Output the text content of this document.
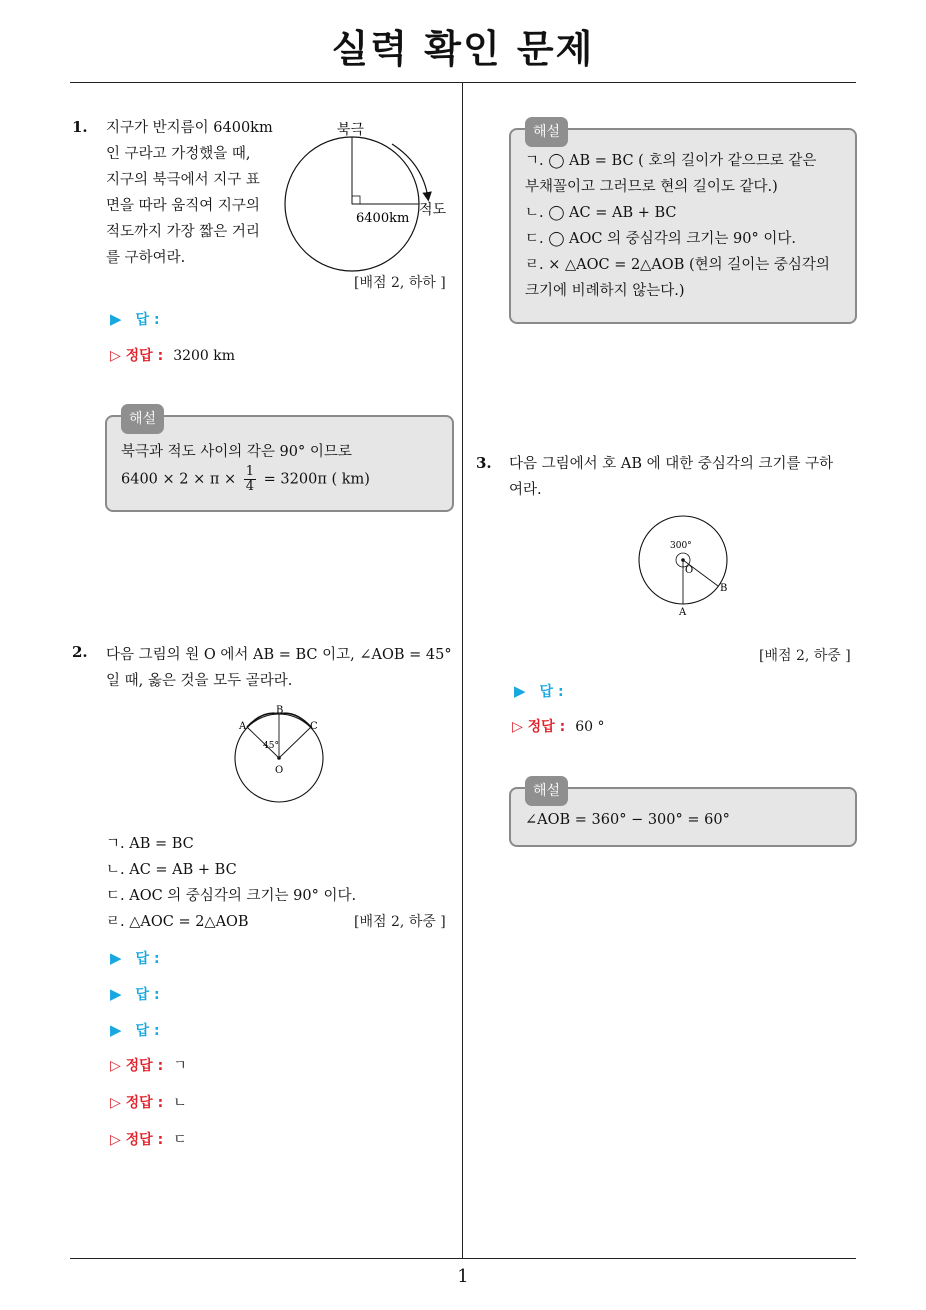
실력 확인 문제
1
1. 지구가 반지름이 6400km

인 구라고 가정했을 때,

지구의 북극에서 지구 표

면을 따라 움직여 지구의

적도까지 가장 짧은 거리

를 구하여라.

북극
적도
6400km
[배점 2, 하하 ]
▶ 답 :
▷ 정답 : 3200 km
해설

북극과 적도 사이의 각은 90° 이므로

$6400 \times 2 \times \pi \times \frac{1}{4} = 3200\pi$ ( km)

2. 다음 그림의 원 O 에서 AB = BC 이고, ∠AOB = 45°

일 때, 옳은 것을 모두 골라라.

A
B
C
O
45°
ㄱ. AB = BC
ㄴ. AC = AB + BC
ㄷ. AOC 의 중심각의 크기는 90° 이다.
ㄹ. △AOC = 2△AOB	[배점 2, 하중 ]
▶ 답 :
▶ 답 :
▶ 답 :
▷ 정답 : ㄱ
▷ 정답 : ㄴ
▷ 정답 : ㄷ
해설

ㄱ. ◯ AB = BC ( 호의 길이가 같으므로 같은

부채꼴이고 그러므로 현의 길이도 같다.)

ㄴ. ◯ AC = AB + BC

ㄷ. ◯ AOC 의 중심각의 크기는 90° 이다.

ㄹ. × △AOC = 2△AOB (현의 길이는 중심각의

크기에 비례하지 않는다.)

3. 다음 그림에서 호 AB 에 대한 중심각의 크기를 구하

여라.

300°
O
A
B
[배점 2, 하중 ]
▶ 답 :
▷ 정답 : 60 °
해설

∠AOB = 360° − 300° = 60°
